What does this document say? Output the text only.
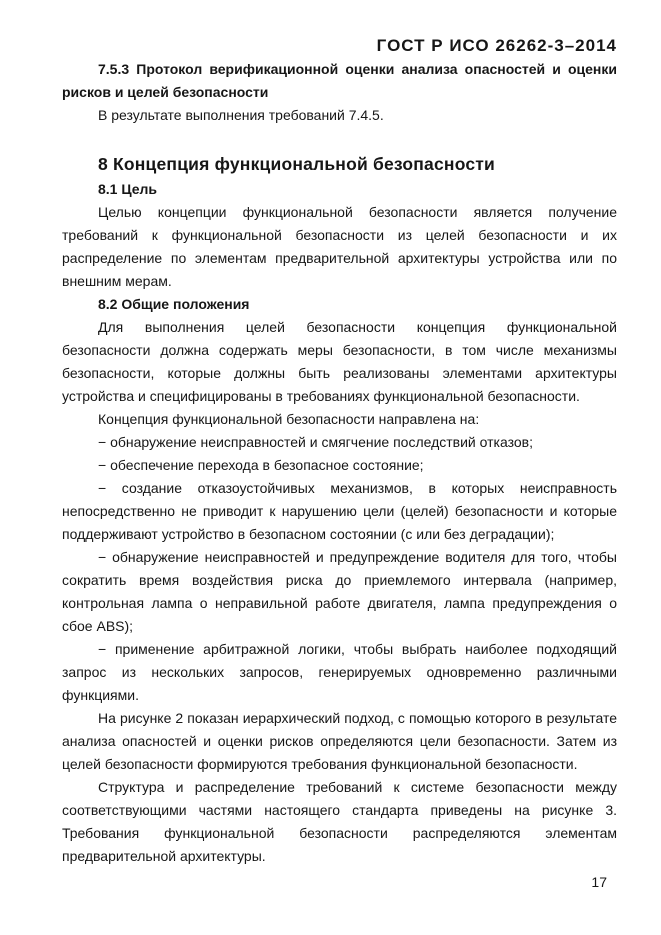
ГОСТ Р ИСО 26262-3–2014

7.5.3 Протокол верификационной оценки анализа опасностей и оценки рисков и целей безопасности

В результате выполнения требований 7.4.5.

8 Концепция функциональной безопасности

8.1 Цель

Целью концепции функциональной безопасности является получение требований к функциональной безопасности из целей безопасности и их распределение по элементам предварительной архитектуры устройства или по внешним мерам.

8.2 Общие положения

Для выполнения целей безопасности концепция функциональной безопасности должна содержать меры безопасности, в том числе механизмы безопасности, которые должны быть реализованы элементами архитектуры устройства и специфицированы в требованиях функциональной безопасности.

Концепция функциональной безопасности направлена на:

− обнаружение неисправностей и смягчение последствий отказов;

− обеспечение перехода в безопасное состояние;

− создание отказоустойчивых механизмов, в которых неисправность непосредственно не приводит к нарушению цели (целей) безопасности и которые поддерживают устройство в безопасном состоянии (с или без деградации);

− обнаружение неисправностей и предупреждение водителя для того, чтобы сократить время воздействия риска до приемлемого интервала (например, контрольная лампа о неправильной работе двигателя, лампа предупреждения о сбое ABS);

− применение арбитражной логики, чтобы выбрать наиболее подходящий запрос из нескольких запросов, генерируемых одновременно различными функциями.

На рисунке 2 показан иерархический подход, с помощью которого в результате анализа опасностей и оценки рисков определяются цели безопасности. Затем из целей безопасности формируются требования функциональной безопасности.

Структура и распределение требований к системе безопасности между соответствующими частями настоящего стандарта приведены на рисунке 3. Требования функциональной безопасности распределяются элементам предварительной архитектуры.

17
